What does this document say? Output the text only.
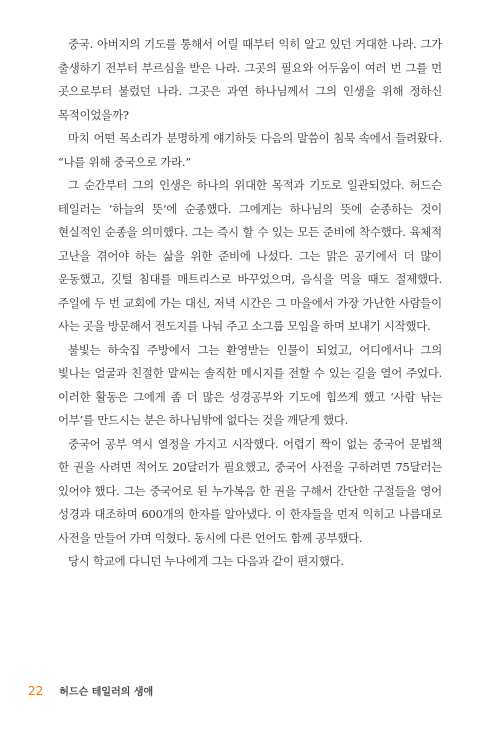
중국. 아버지의 기도를 통해서 어릴 때부터 익히 알고 있던 거대한 나라. 그가 출생하기 전부터 부르심을 받은 나라. 그곳의 필요와 어두움이 여러 번 그를 먼 곳으로부터 불렀던 나라. 그곳은 과연 하나님께서 그의 인생을 위해 정하신 목적이었을까?

마치 어떤 목소리가 분명하게 얘기하듯 다음의 말씀이 침묵 속에서 들려왔다. “나를 위해 중국으로 가라.”

그 순간부터 그의 인생은 하나의 위대한 목적과 기도로 일관되었다. 허드슨 테일러는 ‘하늘의 뜻’에 순종했다. 그에게는 하나님의 뜻에 순종하는 것이 현실적인 순종을 의미했다. 그는 즉시 할 수 있는 모든 준비에 착수했다. 육체적 고난을 겪어야 하는 삶을 위한 준비에 나섰다. 그는 맑은 공기에서 더 많이 운동했고, 깃털 침대를 매트리스로 바꾸었으며, 음식을 먹을 때도 절제했다. 주일에 두 번 교회에 가는 대신, 저녁 시간은 그 마을에서 가장 가난한 사람들이 사는 곳을 방문해서 전도지를 나눠 주고 소그룹 모임을 하며 보내기 시작했다.

불빛는 하숙집 주방에서 그는 환영받는 인물이 되었고, 어디에서나 그의 빛나는 얼굴과 친절한 말씨는 솔직한 메시지를 전할 수 있는 길을 열어 주었다. 이러한 활동은 그에게 좀 더 많은 성경공부와 기도에 힘쓰게 했고 ‘사람 낚는 어부’를 만드시는 분은 하나님밖에 없다는 것을 깨닫게 했다.

중국어 공부 역시 열정을 가지고 시작했다. 어렵기 짝이 없는 중국어 문법책 한 권을 사려면 적어도 20달러가 필요했고, 중국어 사전을 구하려면 75달러는 있어야 했다. 그는 중국어로 된 누가복음 한 권을 구해서 간단한 구절들을 영어 성경과 대조하며 600개의 한자를 알아냈다. 이 한자들을 먼저 익히고 나름대로 사전을 만들어 가며 익혔다. 동시에 다른 언어도 함께 공부했다.

당시 학교에 다니던 누나에게 그는 다음과 같이 편지했다.

22 허드슨 테일러의 생애
